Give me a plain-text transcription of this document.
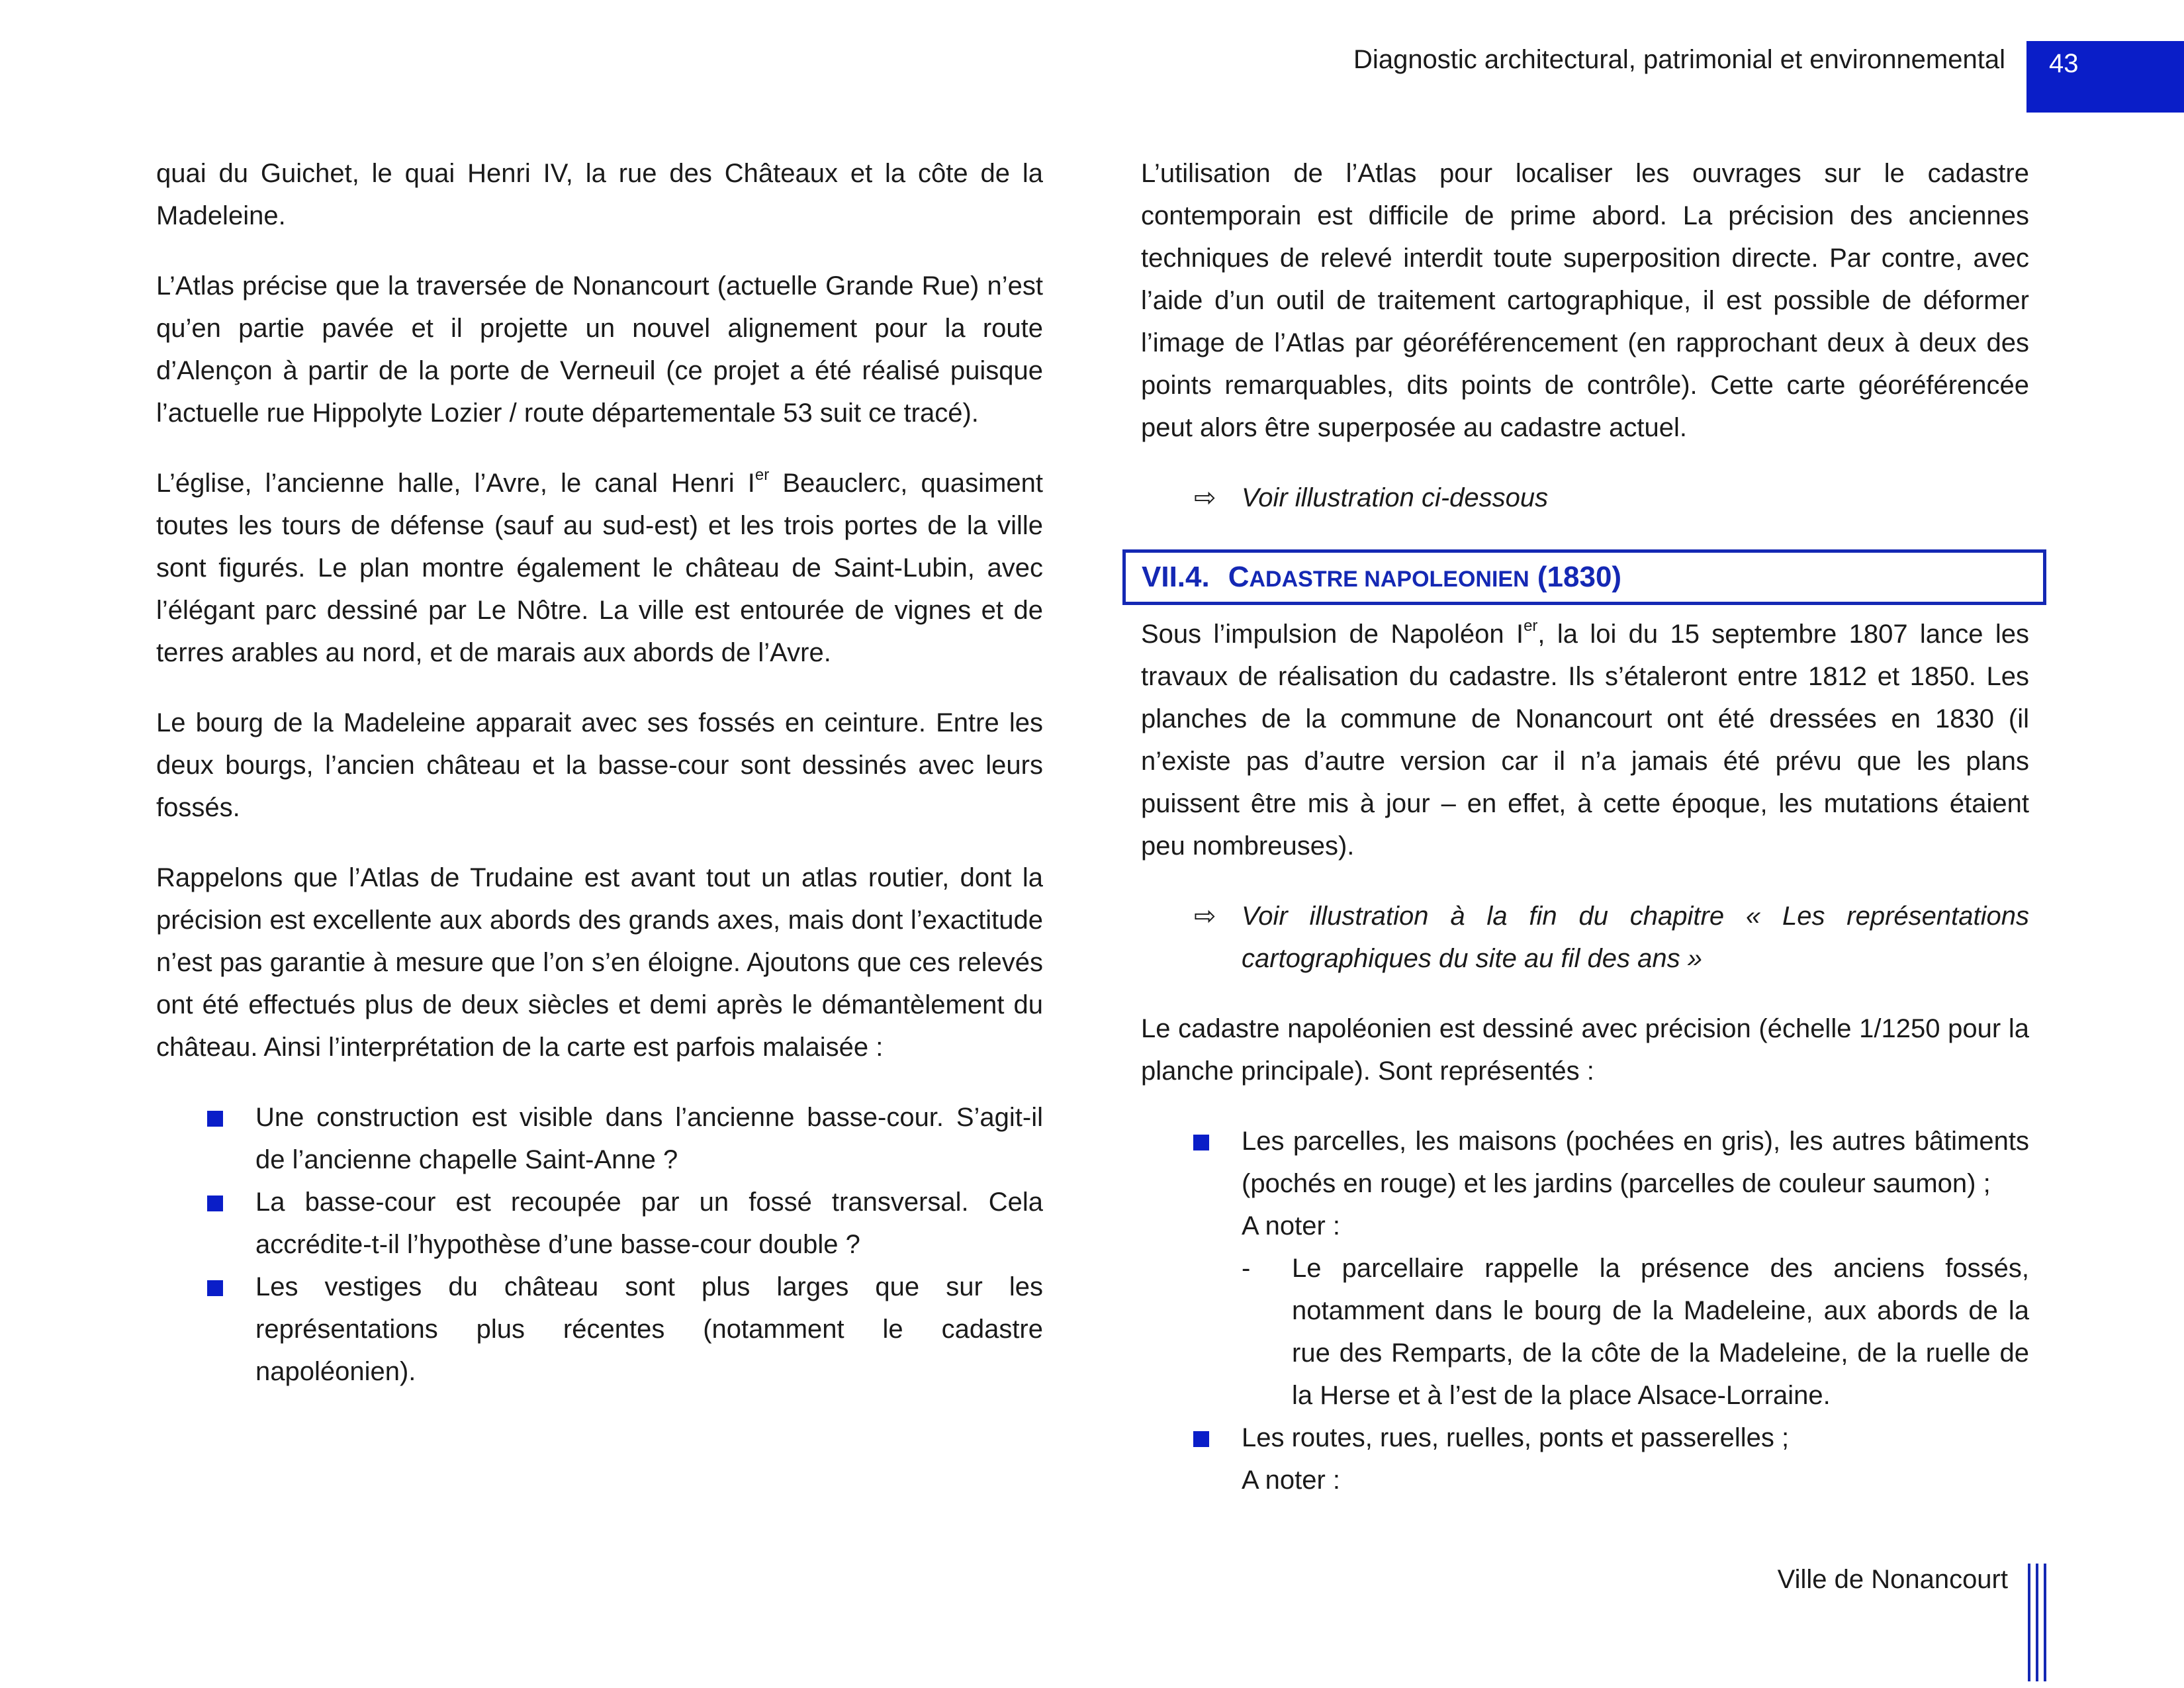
Diagnostic architectural, patrimonial et environnemental 43

quai du Guichet, le quai Henri IV, la rue des Châteaux et la côte de la Madeleine.

L’Atlas précise que la traversée de Nonancourt (actuelle Grande Rue) n’est qu’en partie pavée et il projette un nouvel alignement pour la route d’Alençon à partir de la porte de Verneuil (ce projet a été réalisé puisque l’actuelle rue Hippolyte Lozier / route départementale 53 suit ce tracé).

L’église, l’ancienne halle, l’Avre, le canal Henri Ier Beauclerc, quasiment toutes les tours de défense (sauf au sud-est) et les trois portes de la ville sont figurés. Le plan montre également le château de Saint-Lubin, avec l’élégant parc dessiné par Le Nôtre. La ville est entourée de vignes et de terres arables au nord, et de marais aux abords de l’Avre.

Le bourg de la Madeleine apparait avec ses fossés en ceinture. Entre les deux bourgs, l’ancien château et la basse-cour sont dessinés avec leurs fossés.

Rappelons que l’Atlas de Trudaine est avant tout un atlas routier, dont la précision est excellente aux abords des grands axes, mais dont l’exactitude n’est pas garantie à mesure que l’on s’en éloigne. Ajoutons que ces relevés ont été effectués plus de deux siècles et demi après le démantèlement du château. Ainsi l’interprétation de la carte est parfois malaisée :

Une construction est visible dans l’ancienne basse-cour. S’agit-il de l’ancienne chapelle Saint-Anne ?
La basse-cour est recoupée par un fossé transversal. Cela accrédite-t-il l’hypothèse d’une basse-cour double ?
Les vestiges du château sont plus larges que sur les représentations plus récentes (notamment le cadastre napoléonien).

L’utilisation de l’Atlas pour localiser les ouvrages sur le cadastre contemporain est difficile de prime abord. La précision des anciennes techniques de relevé interdit toute superposition directe. Par contre, avec l’aide d’un outil de traitement cartographique, il est possible de déformer l’image de l’Atlas par géoréférencement (en rapprochant deux à deux des points remarquables, dits points de contrôle). Cette carte géoréférencée peut alors être superposée au cadastre actuel.

⇨ Voir illustration ci-dessous
VII.4. CADASTRE NAPOLEONIEN (1830)

Sous l’impulsion de Napoléon Ier, la loi du 15 septembre 1807 lance les travaux de réalisation du cadastre. Ils s’étaleront entre 1812 et 1850. Les planches de la commune de Nonancourt ont été dressées en 1830 (il n’existe pas d’autre version car il n’a jamais été prévu que les plans puissent être mis à jour – en effet, à cette époque, les mutations étaient peu nombreuses).

⇨ Voir illustration à la fin du chapitre « Les représentations cartographiques du site au fil des ans »

Le cadastre napoléonien est dessiné avec précision (échelle 1/1250 pour la planche principale). Sont représentés :

Les parcelles, les maisons (pochées en gris), les autres bâtiments (pochés en rouge) et les jardins (parcelles de couleur saumon) ;
A noter :
- Le parcellaire rappelle la présence des anciens fossés, notamment dans le bourg de la Madeleine, aux abords de la rue des Remparts, de la côte de la Madeleine, de la ruelle de la Herse et à l’est de la place Alsace-Lorraine.
Les routes, rues, ruelles, ponts et passerelles ;
A noter :
Ville de Nonancourt
